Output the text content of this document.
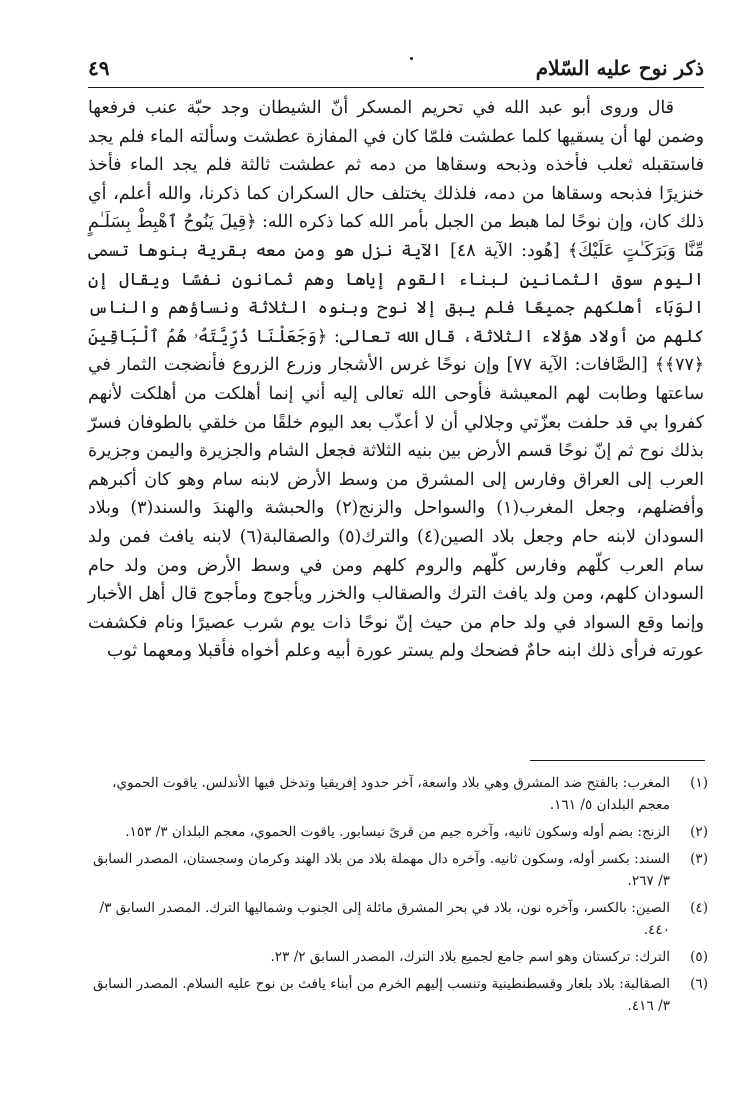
ذكر نوح عليه السّلام
٤٩

قال وروى أبو عبد الله في تحريم المسكر أنّ الشيطان وجد حبّة عنب فرفعها وضمن لها أن يسقيها كلما عطشت فلمّا كان في المفازة عطشت وسألته الماء فلم يجد فاستقبله ثعلب فأخذه وذبحه وسقاها من دمه ثم عطشت ثالثة فلم يجد الماء فأخذ خنزيرًا فذبحه وسقاها من دمه، فلذلك يختلف حال السكران كما ذكرنا، والله أعلم، أي ذلك كان، وإن نوحًا لما هبط من الجبل بأمر الله كما ذكره الله: ﴿قِيلَ يَنُوحُ ٱهْبِطْ بِسَلَـٰمٍ مِّنَّا وَبَرَكَـٰتٍ عَلَيْكَ﴾ [هُود: الآية ٤٨] الآية نزل هو ومن معه بقرية بنوها تسمى اليوم سوق الثمانين لبناء القوم إياها وهم ثمانون نفسًا ويقال إن الوَبَاء أهلكهم جميعًا فلم يبق إلا نوح وبنوه الثلاثة ونساؤهم والناس كلهم من أولاد هؤلاء الثلاثة، قال الله تعالى: ﴿وَجَعَلْنَا ذُرِّيَّتَهُۥ هُمُ ٱلْبَاقِينَ ﴿٧٧﴾﴾ [الصَّافات: الآية ٧٧] وإن نوحًا غرس الأشجار وزرع الزروع فأنضجت الثمار في ساعتها وطابت لهم المعيشة فأوحى الله تعالى إليه أني إنما أهلكت من أهلكت لأنهم كفروا بي قد حلفت بعزّتي وجلالي أن لا أعذّب بعد اليوم خلقًا من خلقي بالطوفان فسرّ بذلك نوح ثم إنّ نوحًا قسم الأرض بين بنيه الثلاثة فجعل الشام والجزيرة واليمن وجزيرة العرب إلى العراق وفارس إلى المشرق من وسط الأرض لابنه سام وهو كان أكبرهم وأفضلهم، وجعل المغرب(١) والسواحل والزنج(٢) والحبشة والهندَ والسند(٣) وبلاد السودان لابنه حام وجعل بلاد الصين(٤) والترك(٥) والصقالبة(٦) لابنه يافث فمن ولد سام العرب كلّهم وفارس كلّهم والروم كلهم ومن في وسط الأرض ومن ولد حام السودان كلهم، ومن ولد يافث الترك والصقالب والخزر ويأجوج ومأجوج قال أهل الأخبار وإنما وقع السواد في ولد حام من حيث إنّ نوحًا ذات يوم شرب عصيرًا ونام فكشفت عورته فرأى ذلك ابنه حامٌ فضحك ولم يستر عورة أبيه وعلم أخواه فأقبلا ومعهما ثوب

(١)
المغرب: بالفتح ضد المشرق وهي بلاد واسعة، آخر حدود إفريقيا وتدخل فيها الأندلس. ياقوت الحموي، معجم البلدان ٥/ ١٦١.
(٢)
الزنج: بضم أوله وسكون ثانيه، وآخره جيم من قرىً نيسابور. ياقوت الحموي، معجم البلدان ٣/ ١٥٣.
(٣)
السند: بكسر أوله، وسكون ثانيه. وآخره دال مهملة بلاد من بلاد الهند وكرمان وسجستان، المصدر السابق ٣/ ٢٦٧.
(٤)
الصين: بالكسر، وآخره نون، بلاد في بحر المشرق مائلة إلى الجنوب وشماليها الترك. المصدر السابق ٣/ ٤٤٠.
(٥)
الترك: تركستان وهو اسم جامع لجميع بلاد الترك، المصدر السابق ٢/ ٢٣.
(٦)
الصقالبة: بلاد بلغار وقسطنطينية وتنسب إليهم الخرم من أبناء يافث بن نوح عليه السلام. المصدر السابق ٣/ ٤١٦.
